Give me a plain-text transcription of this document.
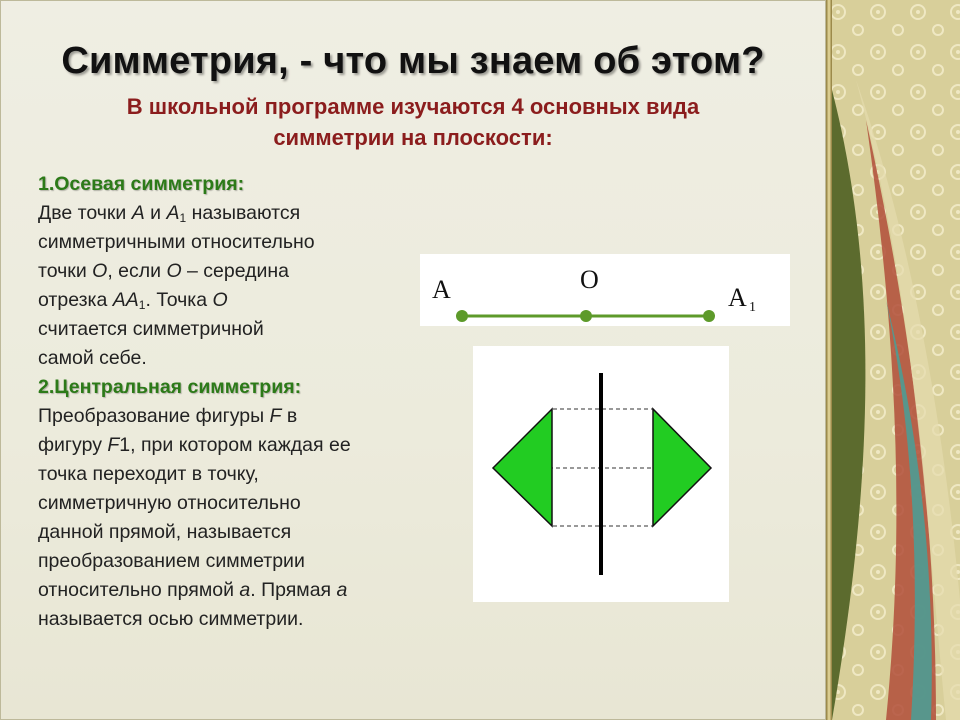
Симметрия, - что мы знаем об этом?
В школьной программе изучаются 4 основных вида
симметрии на плоскости:
1.Осевая симметрия:
Две точки А и $А_1$ называются
симметричными относительно
точки О, если О – середина
отрезка $АА_1$. Точка О
считается симметричной
самой себе.
2.Центральная симметрия:
Преобразование фигуры F в
фигуру F1, при котором каждая ее
точка переходит в точку,
симметричную относительно
данной прямой, называется
преобразованием симметрии
относительно прямой а. Прямая а
называется осью симметрии.
A	O
A 1
